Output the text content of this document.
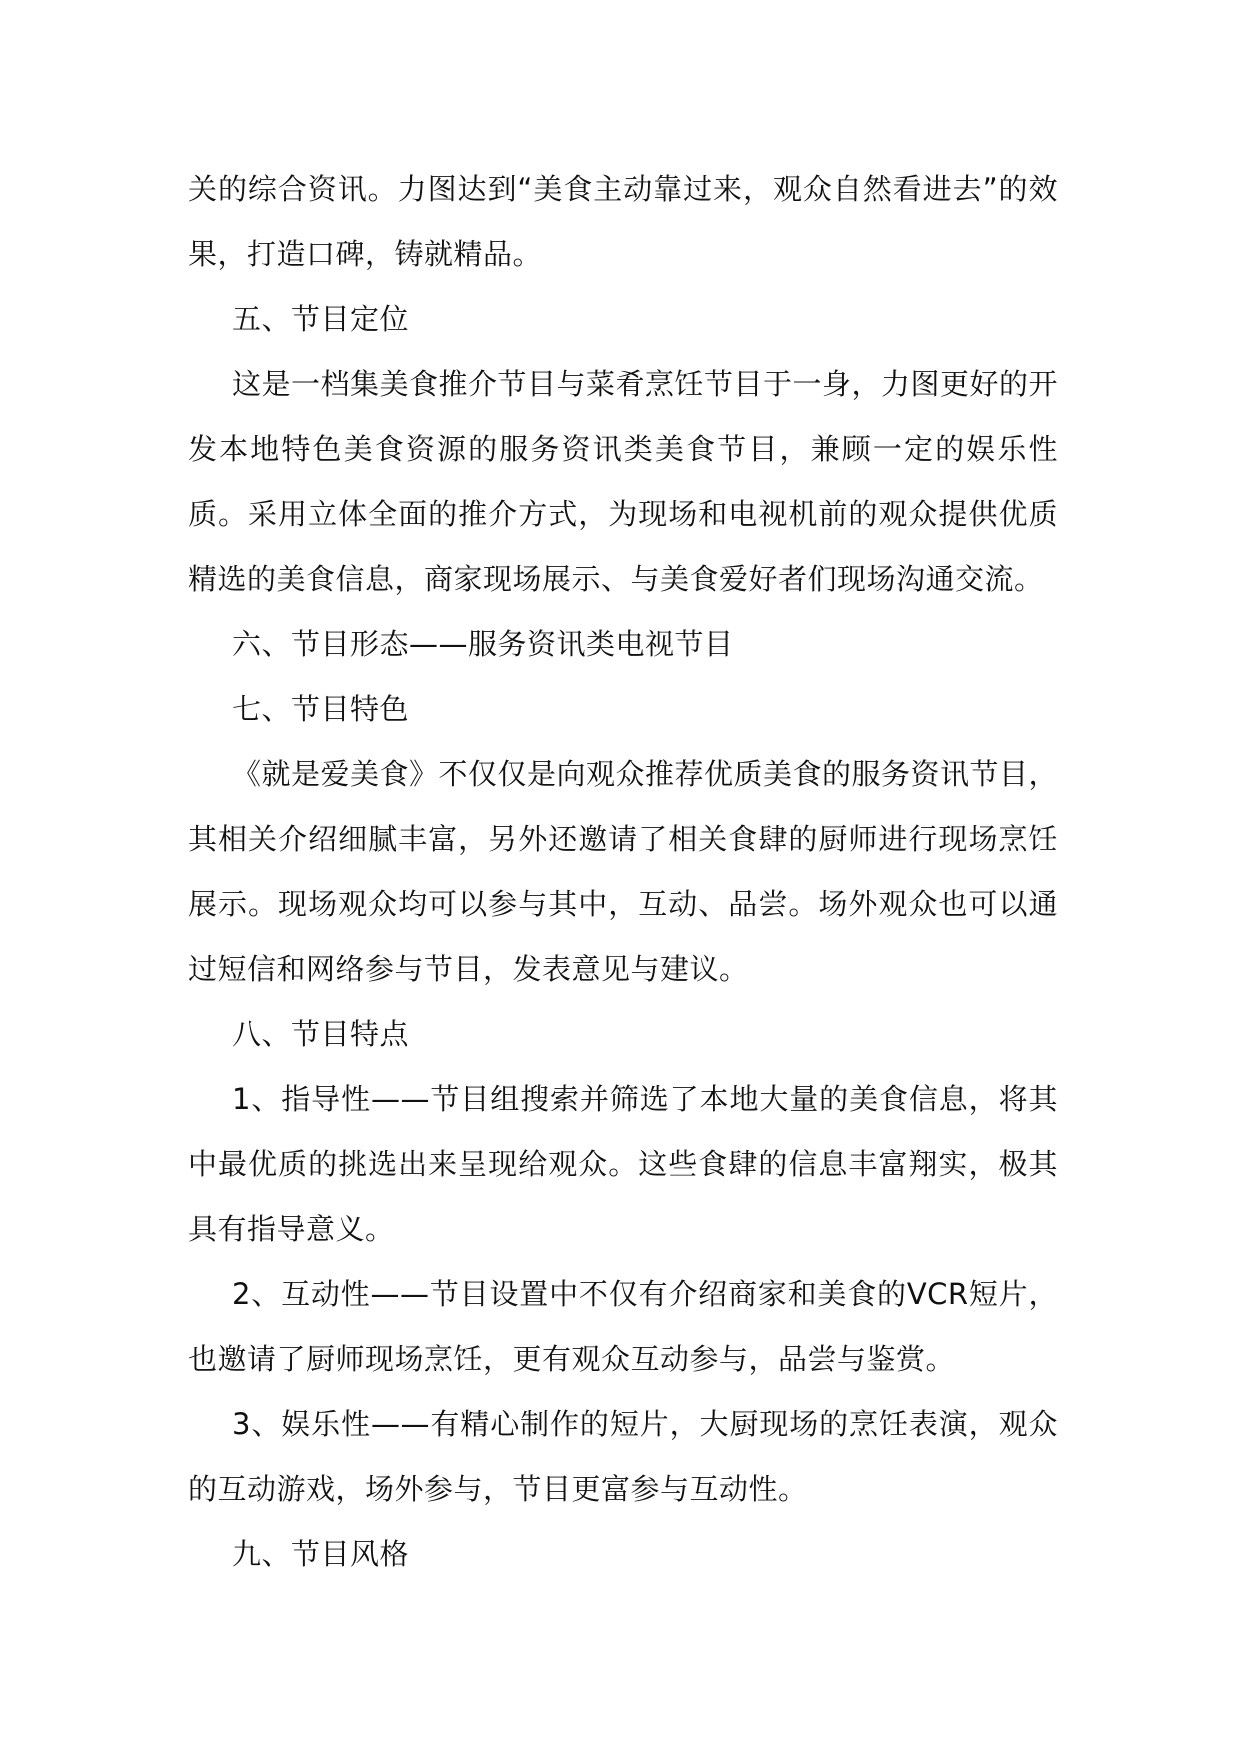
关的综合资讯。力图达到“美食主动靠过来，观众自然看进去”的效果，打造口碑，铸就精品。

五、节目定位

这是一档集美食推介节目与菜肴烹饪节目于一身，力图更好的开发本地特色美食资源的服务资讯类美食节目，兼顾一定的娱乐性质。采用立体全面的推介方式，为现场和电视机前的观众提供优质精选的美食信息，商家现场展示、与美食爱好者们现场沟通交流。

六、节目形态——服务资讯类电视节目

七、节目特色

《就是爱美食》不仅仅是向观众推荐优质美食的服务资讯节目，其相关介绍细腻丰富，另外还邀请了相关食肆的厨师进行现场烹饪展示。现场观众均可以参与其中，互动、品尝。场外观众也可以通过短信和网络参与节目，发表意见与建议。

八、节目特点

1、指导性——节目组搜索并筛选了本地大量的美食信息，将其中最优质的挑选出来呈现给观众。这些食肆的信息丰富翔实，极其具有指导意义。

2、互动性——节目设置中不仅有介绍商家和美食的VCR短片，也邀请了厨师现场烹饪，更有观众互动参与，品尝与鉴赏。

3、娱乐性——有精心制作的短片，大厨现场的烹饪表演，观众的互动游戏，场外参与，节目更富参与互动性。

九、节目风格
